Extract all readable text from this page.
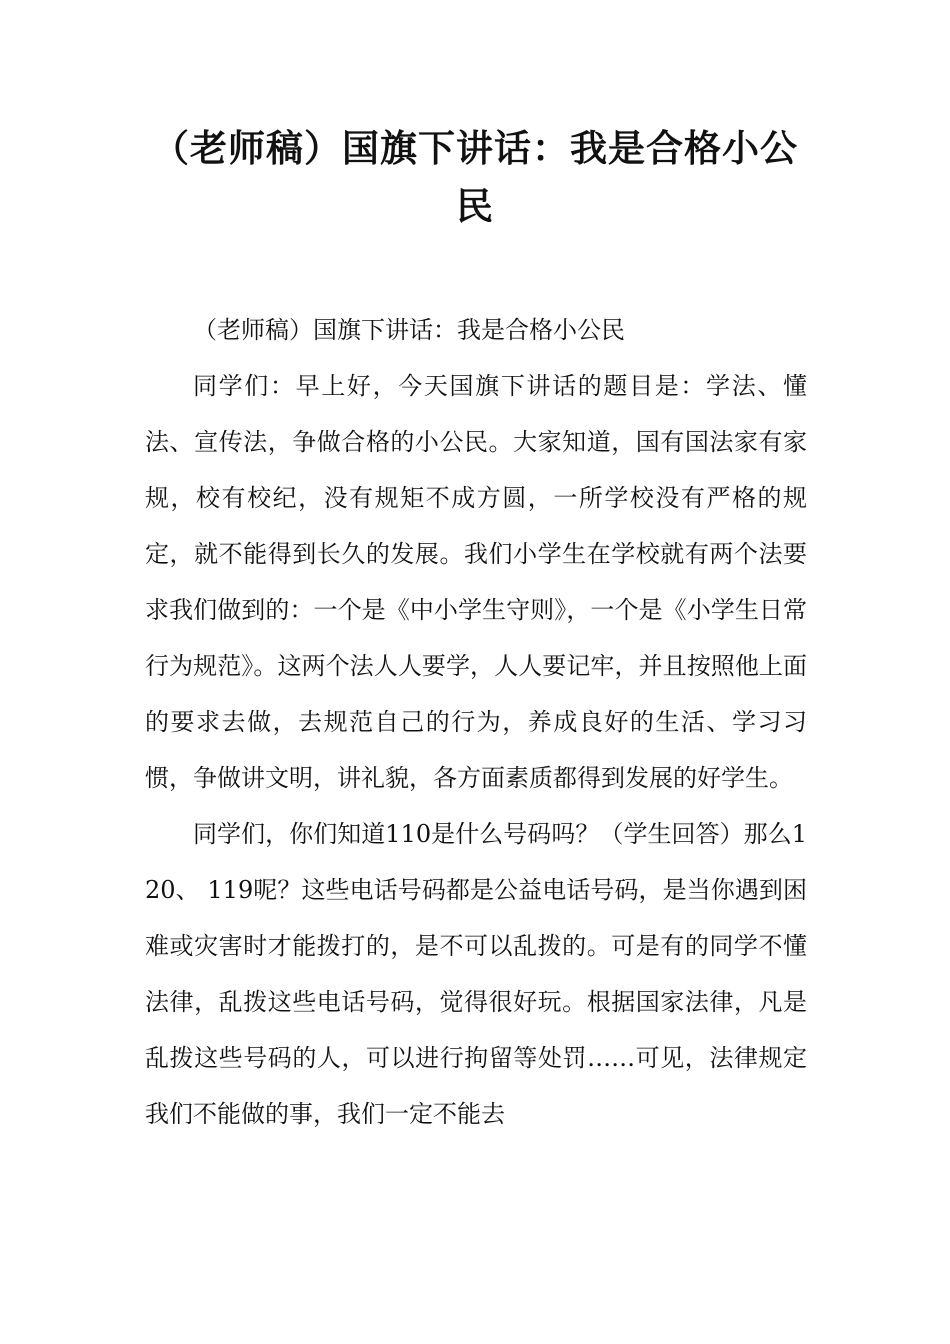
（老师稿）国旗下讲话：我是合格小公民

（老师稿）国旗下讲话：我是合格小公民

同学们：早上好，今天国旗下讲话的题目是：学法、懂法、宣传法，争做合格的小公民。大家知道，国有国法家有家规，校有校纪，没有规矩不成方圆，一所学校没有严格的规定，就不能得到长久的发展。我们小学生在学校就有两个法要求我们做到的：一个是《中小学生守则》，一个是《小学生日常行为规范》。这两个法人人要学，人人要记牢，并且按照他上面的要求去做，去规范自己的行为，养成良好的生活、学习习惯，争做讲文明，讲礼貌，各方面素质都得到发展的好学生。

同学们，你们知道110是什么号码吗？（学生回答）那么120、 119呢？这些电话号码都是公益电话号码，是当你遇到困难或灾害时才能拨打的，是不可以乱拨的。可是有的同学不懂法律，乱拨这些电话号码，觉得很好玩。根据国家法律，凡是乱拨这些号码的人，可以进行拘留等处罚……可见，法律规定我们不能做的事，我们一定不能去
